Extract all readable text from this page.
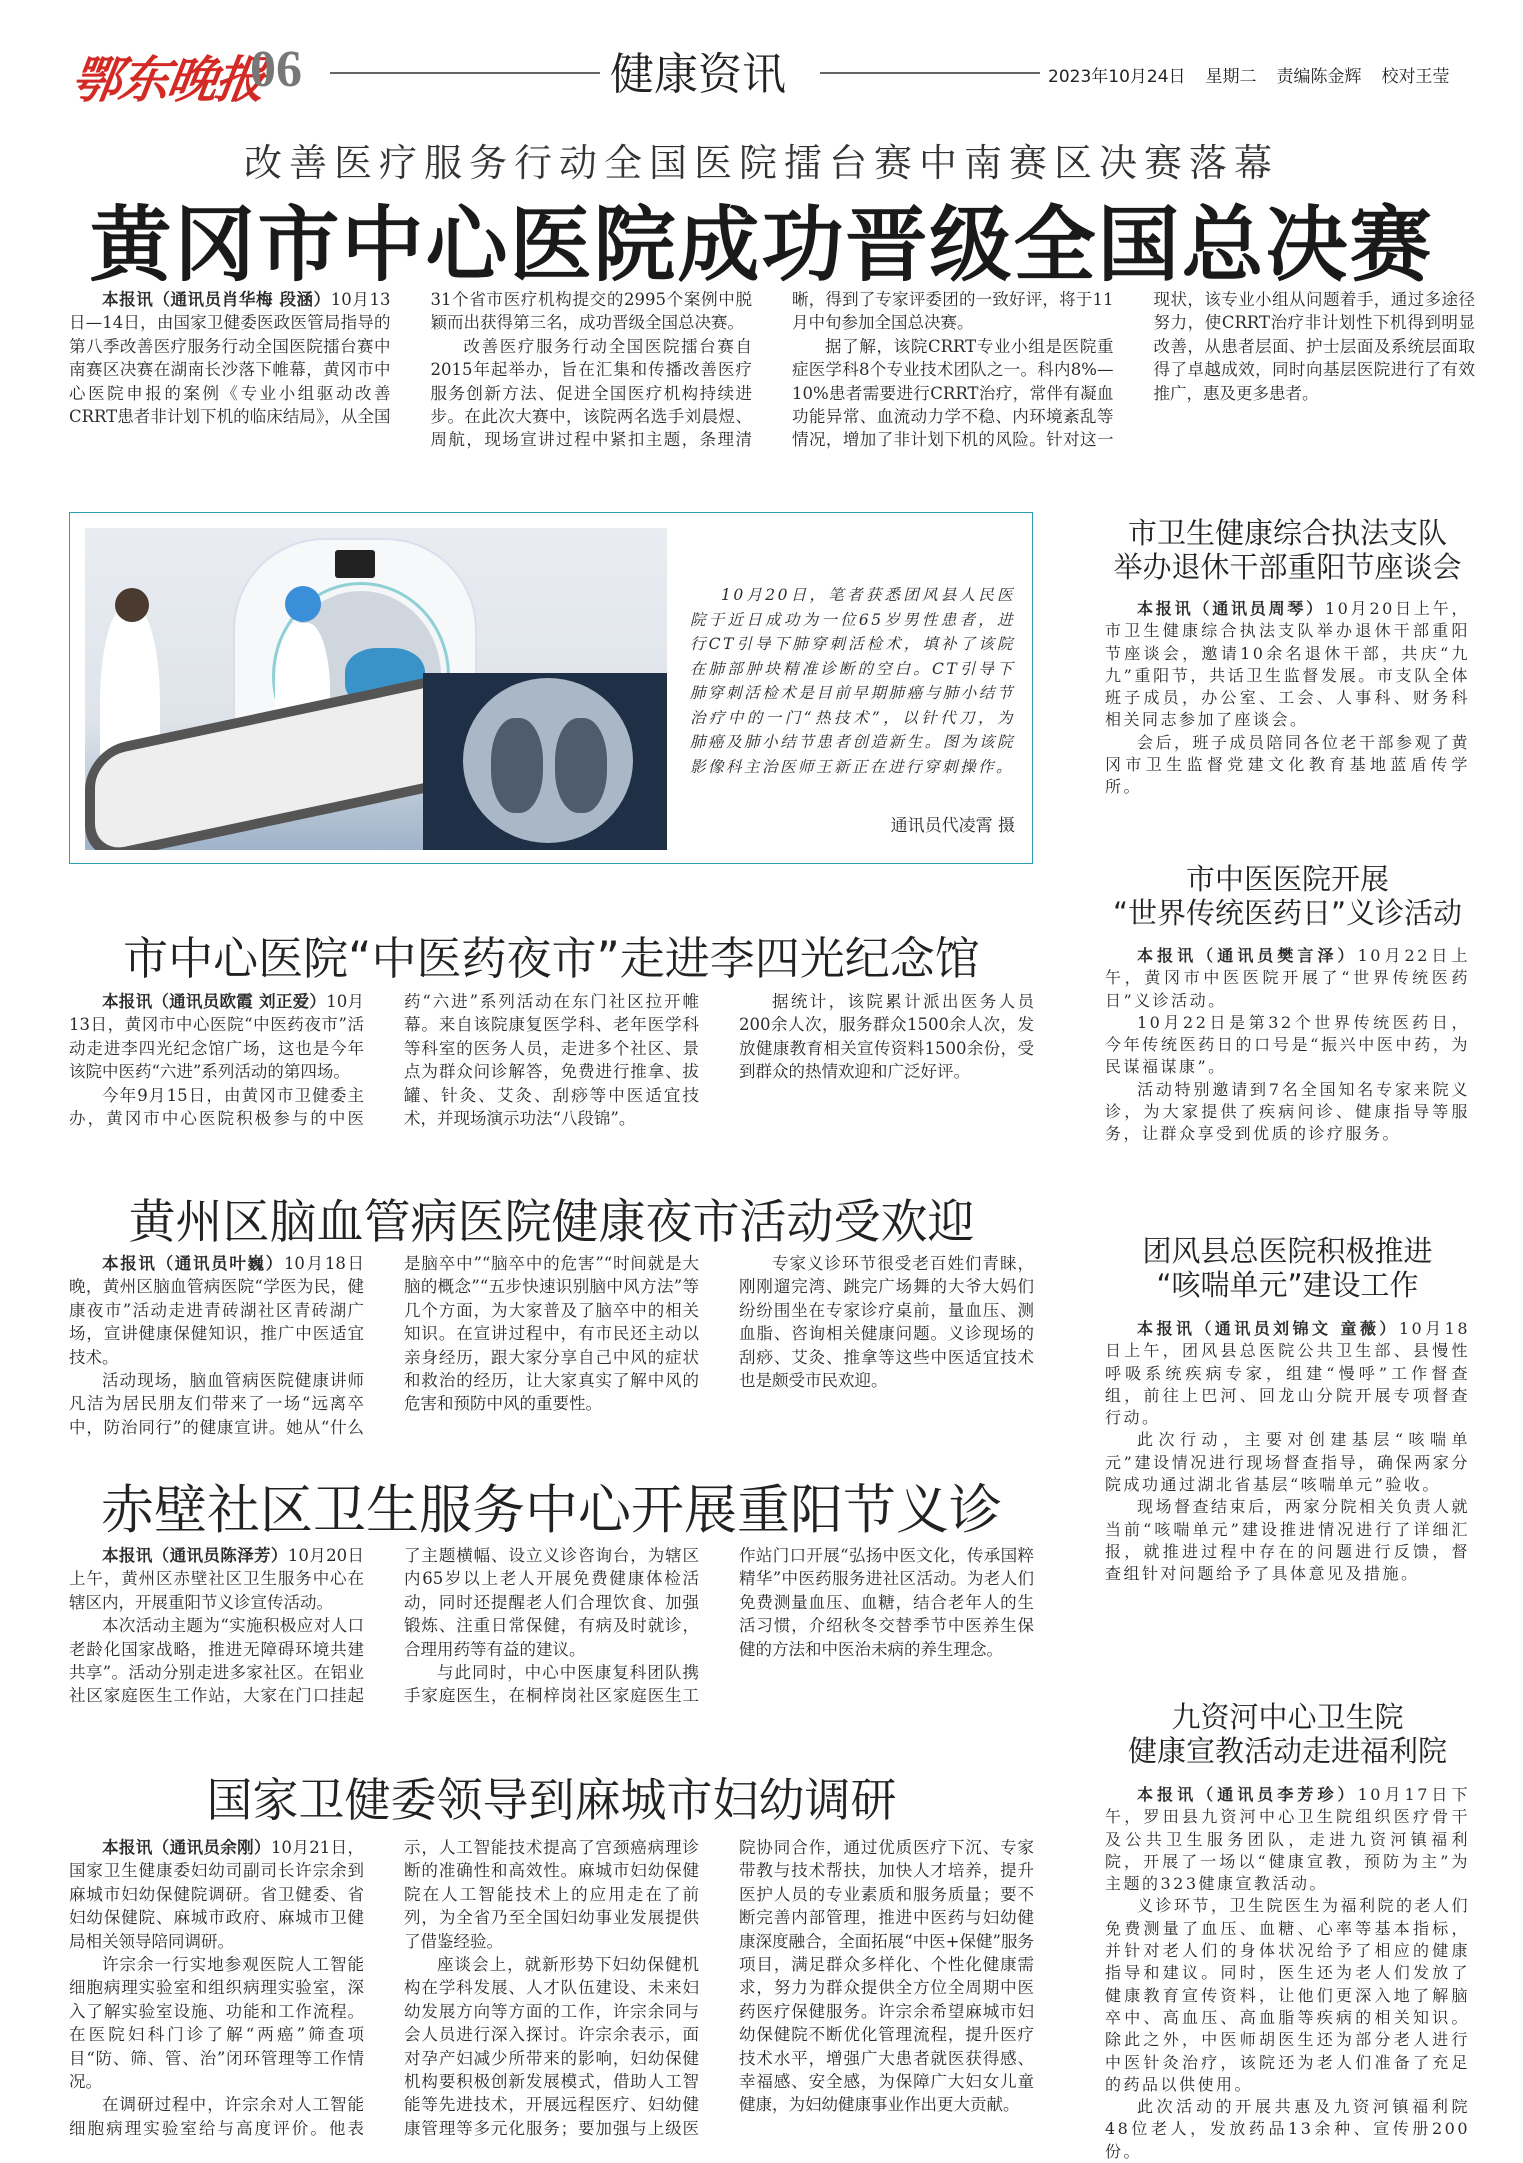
鄂东晚报
06	健康资讯	2023年10月24日 星期二 责编陈金辉 校对王莹
改善医疗服务行动全国医院擂台赛中南赛区决赛落幕
黄冈市中心医院成功晋级全国总决赛

本报讯（通讯员肖华梅 段涵）10月13日—14日，由国家卫健委医政医管局指导的第八季改善医疗服务行动全国医院擂台赛中南赛区决赛在湖南长沙落下帷幕，黄冈市中心医院申报的案例《专业小组驱动改善CRRT患者非计划下机的临床结局》，从全国31个省市医疗机构提交的2995个案例中脱颖而出获得第三名，成功晋级全国总决赛。

改善医疗服务行动全国医院擂台赛自2015年起举办，旨在汇集和传播改善医疗服务创新方法、促进全国医疗机构持续进步。在此次大赛中，该院两名选手刘晨煜、周航，现场宣讲过程中紧扣主题，条理清晰，得到了专家评委团的一致好评，将于11月中旬参加全国总决赛。

据了解，该院CRRT专业小组是医院重症医学科8个专业技术团队之一。科内8%—10%患者需要进行CRRT治疗，常伴有凝血功能异常、血流动力学不稳、内环境紊乱等情况，增加了非计划下机的风险。针对这一现状，该专业小组从问题着手，通过多途径努力，使CRRT治疗非计划性下机得到明显改善，从患者层面、护士层面及系统层面取得了卓越成效，同时向基层医院进行了有效推广，惠及更多患者。

10月20日，笔者获悉团风县人民医院于近日成功为一位65岁男性患者，进行CT引导下肺穿刺活检术，填补了该院在肺部肿块精准诊断的空白。CT引导下肺穿刺活检术是目前早期肺癌与肺小结节治疗中的一门“热技术”，以针代刀，为肺癌及肺小结节患者创造新生。图为该院影像科主治医师王新正在进行穿刺操作。

通讯员代凌霄 摄
市中心医院“中医药夜市”走进李四光纪念馆

本报讯（通讯员欧霞 刘正爱）10月13日，黄冈市中心医院“中医药夜市”活动走进李四光纪念馆广场，这也是今年该院中医药“六进”系列活动的第四场。

今年9月15日，由黄冈市卫健委主办，黄冈市中心医院积极参与的中医药“六进”系列活动在东门社区拉开帷幕。来自该院康复医学科、老年医学科等科室的医务人员，走进多个社区、景点为群众问诊解答，免费进行推拿、拔罐、针灸、艾灸、刮痧等中医适宜技术，并现场演示功法“八段锦”。

据统计，该院累计派出医务人员200余人次，服务群众1500余人次，发放健康教育相关宣传资料1500余份，受到群众的热情欢迎和广泛好评。

黄州区脑血管病医院健康夜市活动受欢迎

本报讯（通讯员叶巍）10月18日晚，黄州区脑血管病医院“学医为民，健康夜市”活动走进青砖湖社区青砖湖广场，宣讲健康保健知识，推广中医适宜技术。

活动现场，脑血管病医院健康讲师凡洁为居民朋友们带来了一场“远离卒中，防治同行”的健康宣讲。她从“什么是脑卒中”“脑卒中的危害”“时间就是大脑的概念”“五步快速识别脑中风方法”等几个方面，为大家普及了脑卒中的相关知识。在宣讲过程中，有市民还主动以亲身经历，跟大家分享自己中风的症状和救治的经历，让大家真实了解中风的危害和预防中风的重要性。

专家义诊环节很受老百姓们青睐，刚刚遛完湾、跳完广场舞的大爷大妈们纷纷围坐在专家诊疗桌前，量血压、测血脂、咨询相关健康问题。义诊现场的刮痧、艾灸、推拿等这些中医适宜技术也是颇受市民欢迎。

赤壁社区卫生服务中心开展重阳节义诊

本报讯（通讯员陈泽芳）10月20日上午，黄州区赤壁社区卫生服务中心在辖区内，开展重阳节义诊宣传活动。

本次活动主题为“实施积极应对人口老龄化国家战略，推进无障碍环境共建共享”。活动分别走进多家社区。在铝业社区家庭医生工作站，大家在门口挂起了主题横幅、设立义诊咨询台，为辖区内65岁以上老人开展免费健康体检活动，同时还提醒老人们合理饮食、加强锻炼、注重日常保健，有病及时就诊，合理用药等有益的建议。

与此同时，中心中医康复科团队携手家庭医生，在桐梓岗社区家庭医生工作站门口开展“弘扬中医文化，传承国粹精华”中医药服务进社区活动。为老人们免费测量血压、血糖，结合老年人的生活习惯，介绍秋冬交替季节中医养生保健的方法和中医治未病的养生理念。

国家卫健委领导到麻城市妇幼调研

本报讯（通讯员余刚）10月21日，国家卫生健康委妇幼司副司长许宗余到麻城市妇幼保健院调研。省卫健委、省妇幼保健院、麻城市政府、麻城市卫健局相关领导陪同调研。

许宗余一行实地参观医院人工智能细胞病理实验室和组织病理实验室，深入了解实验室设施、功能和工作流程。在医院妇科门诊了解“两癌”筛查项目“防、筛、管、治”闭环管理等工作情况。

在调研过程中，许宗余对人工智能细胞病理实验室给与高度评价。他表示，人工智能技术提高了宫颈癌病理诊断的准确性和高效性。麻城市妇幼保健院在人工智能技术上的应用走在了前列，为全省乃至全国妇幼事业发展提供了借鉴经验。

座谈会上，就新形势下妇幼保健机构在学科发展、人才队伍建设、未来妇幼发展方向等方面的工作，许宗余同与会人员进行深入探讨。许宗余表示，面对孕产妇减少所带来的影响，妇幼保健机构要积极创新发展模式，借助人工智能等先进技术，开展远程医疗、妇幼健康管理等多元化服务；要加强与上级医院协同合作，通过优质医疗下沉、专家带教与技术帮扶，加快人才培养，提升医护人员的专业素质和服务质量；要不断完善内部管理，推进中医药与妇幼健康深度融合，全面拓展“中医+保健”服务项目，满足群众多样化、个性化健康需求，努力为群众提供全方位全周期中医药医疗保健服务。许宗余希望麻城市妇幼保健院不断优化管理流程，提升医疗技术水平，增强广大患者就医获得感、幸福感、安全感，为保障广大妇女儿童健康，为妇幼健康事业作出更大贡献。

市卫生健康综合执法支队
举办退休干部重阳节座谈会

本报讯（通讯员周琴）10月20日上午，市卫生健康综合执法支队举办退休干部重阳节座谈会，邀请10余名退休干部，共庆“九九”重阳节，共话卫生监督发展。市支队全体班子成员，办公室、工会、人事科、财务科相关同志参加了座谈会。

会后，班子成员陪同各位老干部参观了黄冈市卫生监督党建文化教育基地蓝盾传学所。

市中医医院开展
“世界传统医药日”义诊活动

本报讯（通讯员樊言泽）10月22日上午，黄冈市中医医院开展了“世界传统医药日”义诊活动。

10月22日是第32个世界传统医药日，今年传统医药日的口号是“振兴中医中药，为民谋福谋康”。

活动特别邀请到7名全国知名专家来院义诊，为大家提供了疾病问诊、健康指导等服务，让群众享受到优质的诊疗服务。

团风县总医院积极推进
“咳喘单元”建设工作

本报讯（通讯员刘锦文 童薇）10月18日上午，团风县总医院公共卫生部、县慢性呼吸系统疾病专家，组建“慢呼”工作督查组，前往上巴河、回龙山分院开展专项督查行动。

此次行动，主要对创建基层“咳喘单元”建设情况进行现场督查指导，确保两家分院成功通过湖北省基层“咳喘单元”验收。

现场督查结束后，两家分院相关负责人就当前“咳喘单元”建设推进情况进行了详细汇报，就推进过程中存在的问题进行反馈，督查组针对问题给予了具体意见及措施。

九资河中心卫生院
健康宣教活动走进福利院

本报讯（通讯员李芳珍）10月17日下午，罗田县九资河中心卫生院组织医疗骨干及公共卫生服务团队，走进九资河镇福利院，开展了一场以“健康宣教，预防为主”为主题的323健康宣教活动。

义诊环节，卫生院医生为福利院的老人们免费测量了血压、血糖、心率等基本指标，并针对老人们的身体状况给予了相应的健康指导和建议。同时，医生还为老人们发放了健康教育宣传资料，让他们更深入地了解脑卒中、高血压、高血脂等疾病的相关知识。除此之外，中医师胡医生还为部分老人进行中医针灸治疗，该院还为老人们准备了充足的药品以供使用。

此次活动的开展共惠及九资河镇福利院48位老人，发放药品13余种、宣传册200份。
